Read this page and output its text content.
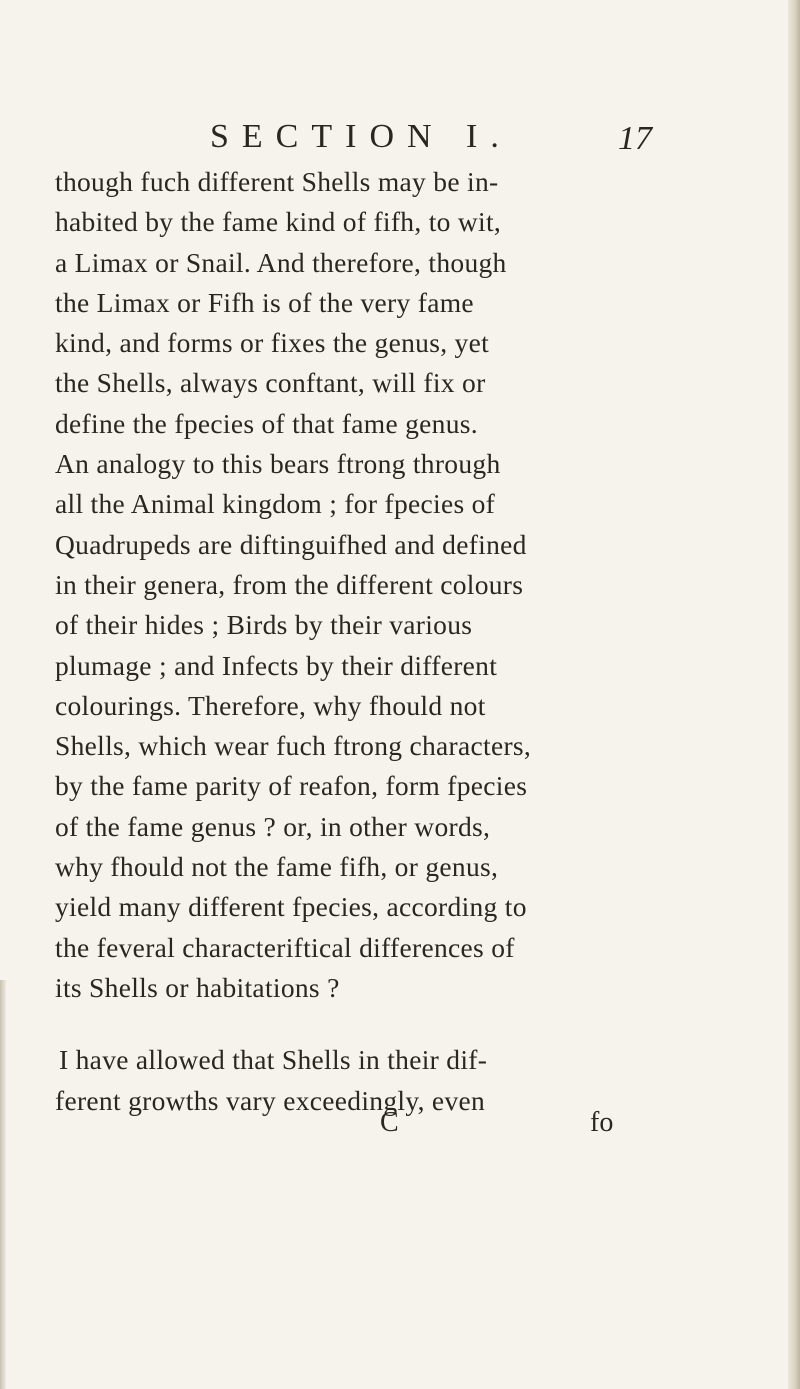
SECTION I.	17
though fuch different Shells may be in-
habited by the fame kind of fifh, to wit,
a Limax or Snail. And therefore, though
the Limax or Fifh is of the very fame
kind, and forms or fixes the genus, yet
the Shells, always conftant, will fix or
define the fpecies of that fame genus.
An analogy to this bears ftrong through
all the Animal kingdom ; for fpecies of
Quadrupeds are diftinguifhed and defined
in their genera, from the different colours
of their hides ; Birds by their various
plumage ; and Infects by their different
colourings. Therefore, why fhould not
Shells, which wear fuch ftrong characters,
by the fame parity of reafon, form fpecies
of the fame genus ? or, in other words,
why fhould not the fame fifh, or genus,
yield many different fpecies, according to
the feveral characteriftical differences of
its Shells or habitations ?
I have allowed that Shells in their dif-
ferent growths vary exceedingly, even
C	fo
